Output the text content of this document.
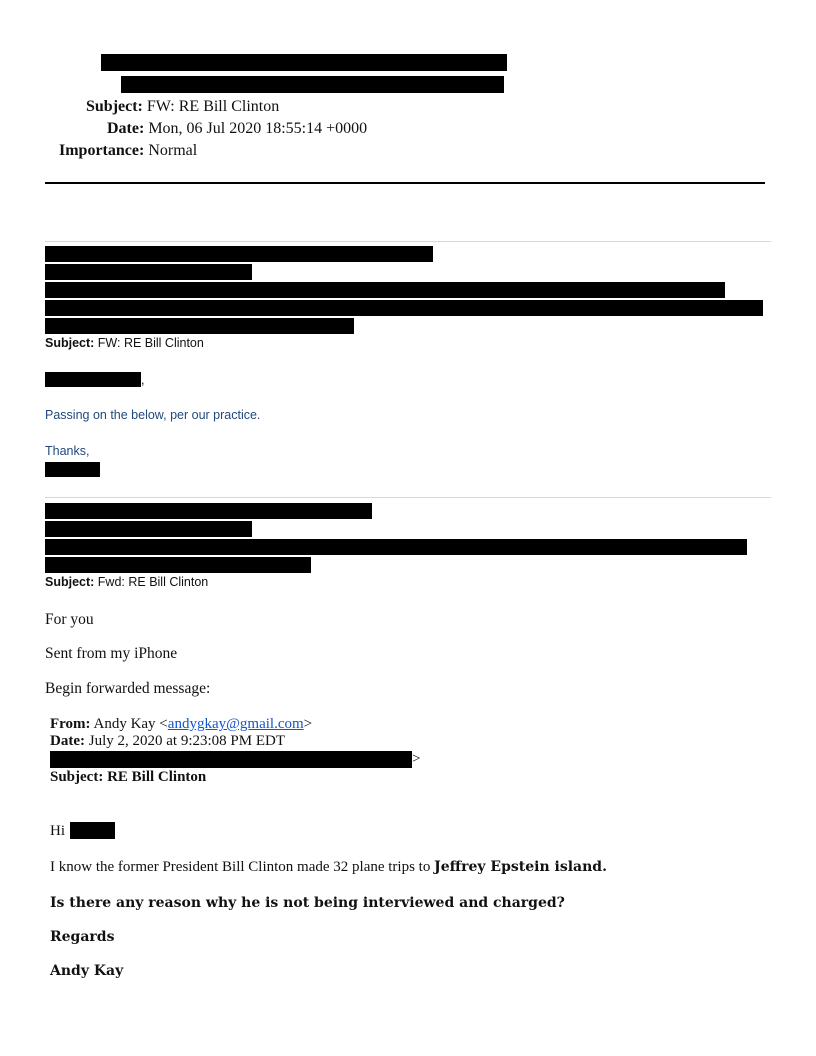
Subject: FW: RE Bill Clinton
Date: Mon, 06 Jul 2020 18:55:14 +0000
Importance: Normal
Subject: FW: RE Bill Clinton
,
Passing on the below, per our practice.
Thanks,
Subject: Fwd: RE Bill Clinton
For you
Sent from my iPhone
Begin forwarded message:
From: Andy Kay <andygkay@gmail.com>
Date: July 2, 2020 at 9:23:08 PM EDT
>
Subject: RE Bill Clinton
Hi
I know the former President Bill Clinton made 32 plane trips to Jeffrey Epstein island.
Is there any reason why he is not being interviewed and charged?
Regards
Andy Kay
